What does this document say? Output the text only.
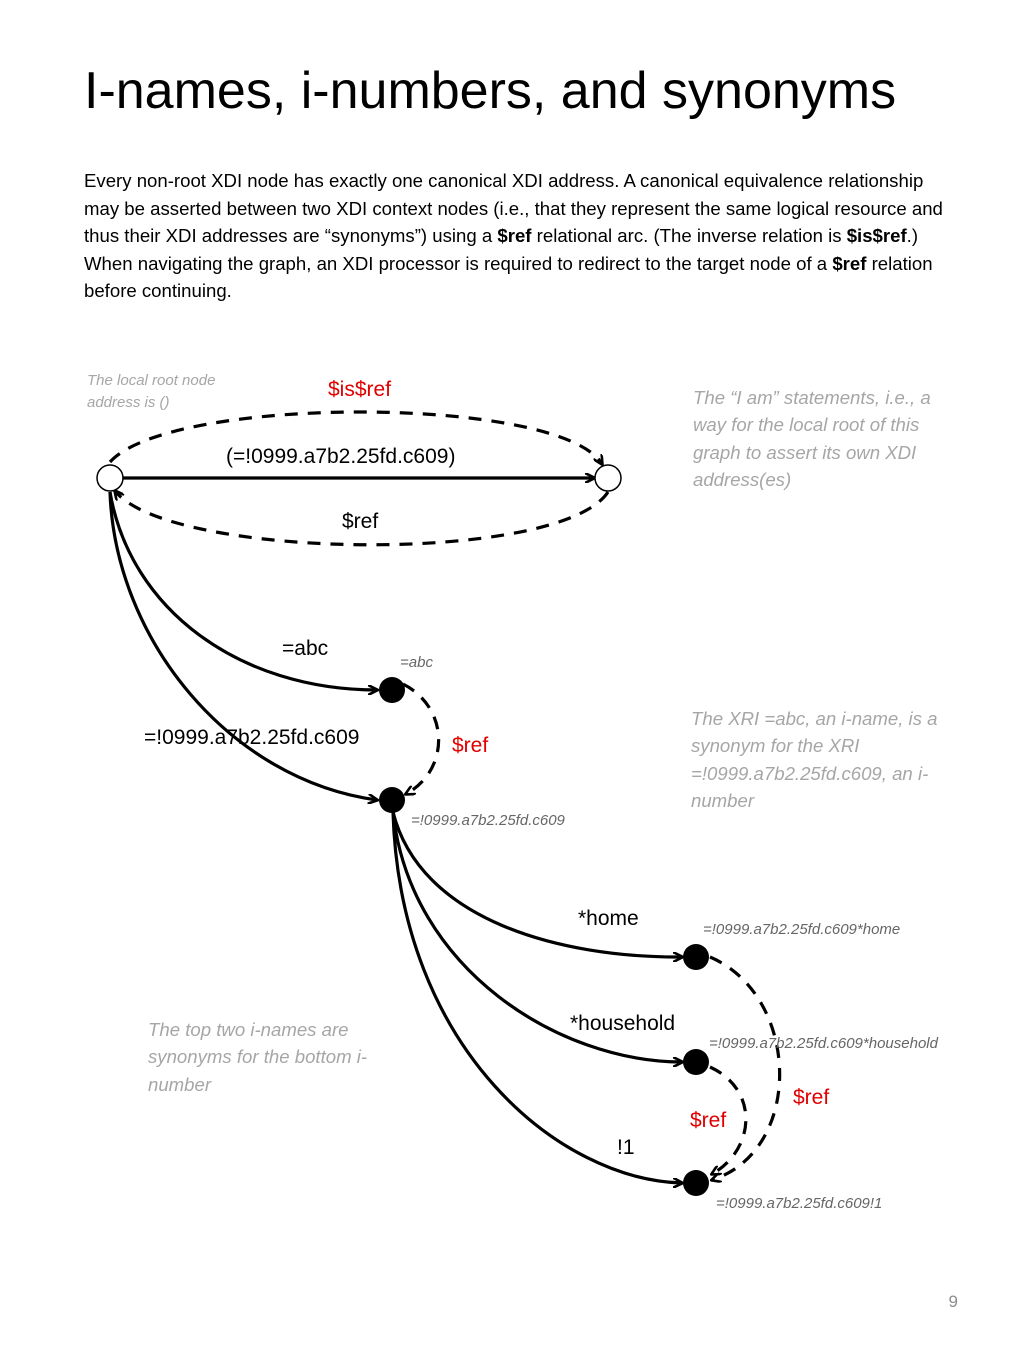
I-names, i-numbers, and synonyms

Every non-root XDI node has exactly one canonical XDI address. A canonical equivalence relationship may be asserted between two XDI context nodes (i.e., that they represent the same logical resource and thus their XDI addresses are “synonyms”) using a $ref relational arc. (The inverse relation is $is$ref.) When navigating the graph, an XDI processor is required to redirect to the target node of a $ref relation before continuing.

$is$ref
(=!0999.a7b2.25fd.c609)
$ref
=abc
=!0999.a7b2.25fd.c609	$ref
*home
*household
!1
$ref
$ref
=abc
=!0999.a7b2.25fd.c609
=!0999.a7b2.25fd.c609*home
=!0999.a7b2.25fd.c609*household
=!0999.a7b2.25fd.c609!1

The local root node address is ()	The “I am” statements, i.e., a way for the local root of this graph to assert its own XDI address(es)

The XRI =abc, an i-name, is a synonym for the XRI =!0999.a7b2.25fd.c609, an i-number

The top two i-names are synonyms for the bottom i-number

9
